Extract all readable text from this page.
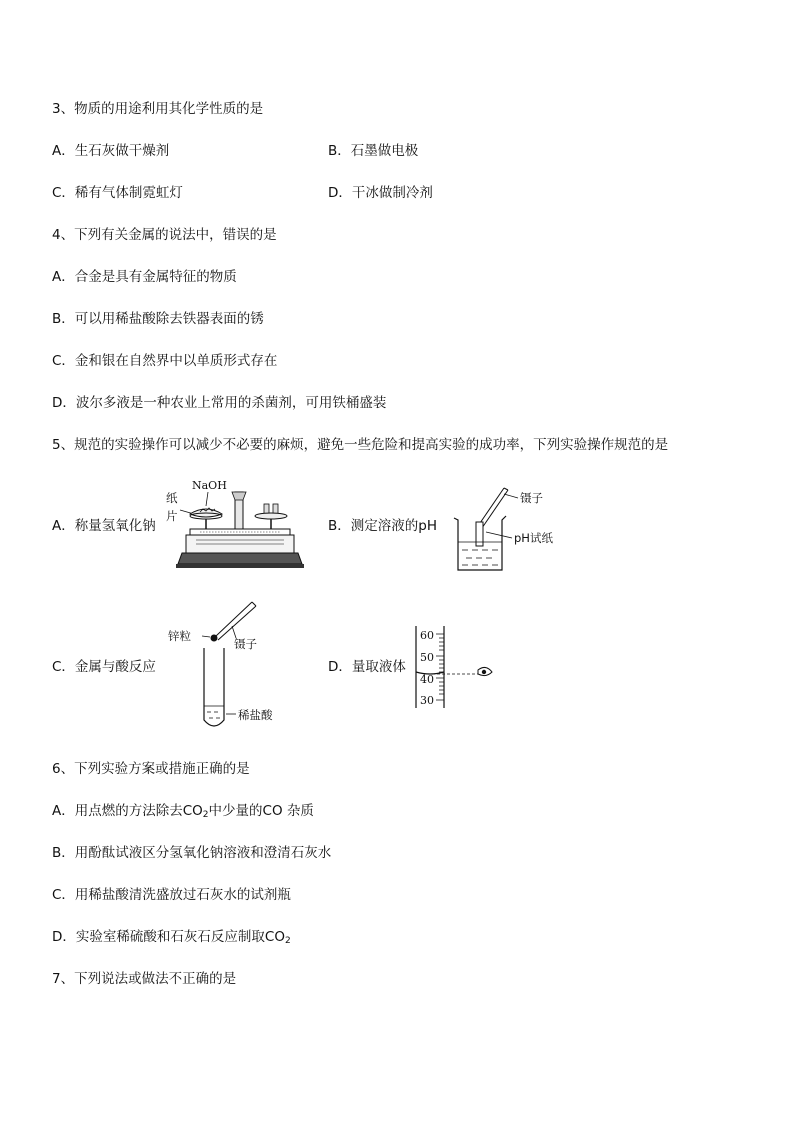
3、物质的用途利用其化学性质的是
A．生石灰做干燥剂	B．石墨做电极
C．稀有气体制霓虹灯	D．干冰做制冷剂
4、下列有关金属的说法中，错误的是
A．合金是具有金属特征的物质
B．可以用稀盐酸除去铁器表面的锈
C．金和银在自然界中以单质形式存在
D．波尔多液是一种农业上常用的杀菌剂，可用铁桶盛装
5、规范的实验操作可以减少不必要的麻烦，避免一些危险和提高实验的成功率，下列实验操作规范的是
A．称量氢氧化钠	B．测定溶液的pH
C．金属与酸反应	D．量取液体
NaOH
纸
片
镊子
pH试纸
锌粒
镊子
稀盐酸
60
50
40
30
6、下列实验方案或措施正确的是
A．用点燃的方法除去$CO_2$中少量的CO 杂质
B．用酚酞试液区分氢氧化钠溶液和澄清石灰水
C．用稀盐酸清洗盛放过石灰水的试剂瓶
D．实验室稀硫酸和石灰石反应制取$CO_2$
7、下列说法或做法不正确的是
